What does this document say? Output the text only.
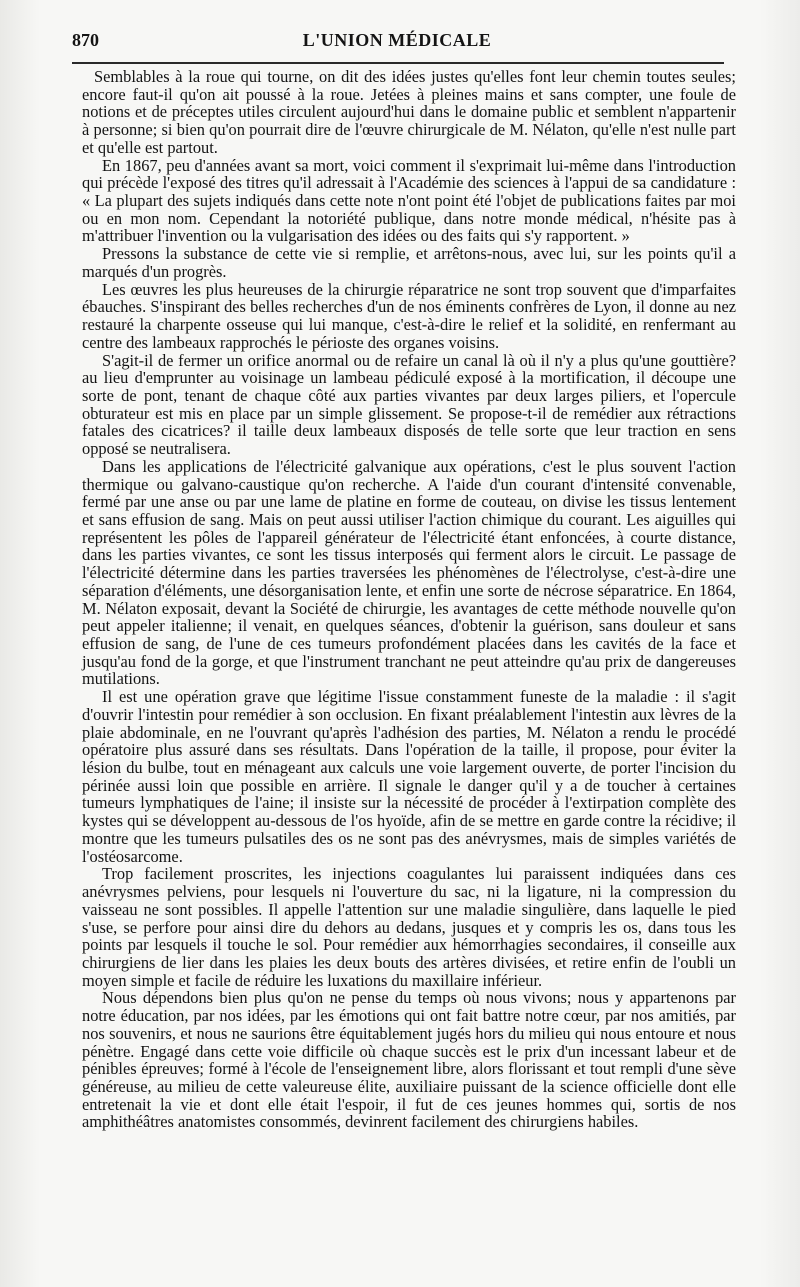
870	L'UNION MÉDICALE

Semblables à la roue qui tourne, on dit des idées justes qu'elles font leur chemin toutes seules; encore faut-il qu'on ait poussé à la roue. Jetées à pleines mains et sans compter, une foule de notions et de préceptes utiles circulent aujourd'hui dans le domaine public et semblent n'appartenir à personne; si bien qu'on pourrait dire de l'œuvre chirurgicale de M. Nélaton, qu'elle n'est nulle part et qu'elle est partout.

En 1867, peu d'années avant sa mort, voici comment il s'exprimait lui-même dans l'introduction qui précède l'exposé des titres qu'il adressait à l'Académie des sciences à l'appui de sa candidature : « La plupart des sujets indiqués dans cette note n'ont point été l'objet de publications faites par moi ou en mon nom. Cependant la notoriété publique, dans notre monde médical, n'hésite pas à m'attribuer l'invention ou la vulgarisation des idées ou des faits qui s'y rapportent. »

Pressons la substance de cette vie si remplie, et arrêtons-nous, avec lui, sur les points qu'il a marqués d'un progrès.

Les œuvres les plus heureuses de la chirurgie réparatrice ne sont trop souvent que d'imparfaites ébauches. S'inspirant des belles recherches d'un de nos éminents confrères de Lyon, il donne au nez restauré la charpente osseuse qui lui manque, c'est-à-dire le relief et la solidité, en renfermant au centre des lambeaux rapprochés le périoste des organes voisins.

S'agit-il de fermer un orifice anormal ou de refaire un canal là où il n'y a plus qu'une gouttière? au lieu d'emprunter au voisinage un lambeau pédiculé exposé à la mortification, il découpe une sorte de pont, tenant de chaque côté aux parties vivantes par deux larges piliers, et l'opercule obturateur est mis en place par un simple glissement. Se propose-t-il de remédier aux rétractions fatales des cicatrices? il taille deux lambeaux disposés de telle sorte que leur traction en sens opposé se neutralisera.

Dans les applications de l'électricité galvanique aux opérations, c'est le plus souvent l'action thermique ou galvano-caustique qu'on recherche. A l'aide d'un courant d'intensité convenable, fermé par une anse ou par une lame de platine en forme de couteau, on divise les tissus lentement et sans effusion de sang. Mais on peut aussi utiliser l'action chimique du courant. Les aiguilles qui représentent les pôles de l'appareil générateur de l'électricité étant enfoncées, à courte distance, dans les parties vivantes, ce sont les tissus interposés qui ferment alors le circuit. Le passage de l'électricité détermine dans les parties traversées les phénomènes de l'électrolyse, c'est-à-dire une séparation d'éléments, une désorganisation lente, et enfin une sorte de nécrose séparatrice. En 1864, M. Nélaton exposait, devant la Société de chirurgie, les avantages de cette méthode nouvelle qu'on peut appeler italienne; il venait, en quelques séances, d'obtenir la guérison, sans douleur et sans effusion de sang, de l'une de ces tumeurs profondément placées dans les cavités de la face et jusqu'au fond de la gorge, et que l'instrument tranchant ne peut atteindre qu'au prix de dangereuses mutilations.

Il est une opération grave que légitime l'issue constamment funeste de la maladie : il s'agit d'ouvrir l'intestin pour remédier à son occlusion. En fixant préalablement l'intestin aux lèvres de la plaie abdominale, en ne l'ouvrant qu'après l'adhésion des parties, M. Nélaton a rendu le procédé opératoire plus assuré dans ses résultats. Dans l'opération de la taille, il propose, pour éviter la lésion du bulbe, tout en ménageant aux calculs une voie largement ouverte, de porter l'incision du périnée aussi loin que possible en arrière. Il signale le danger qu'il y a de toucher à certaines tumeurs lymphatiques de l'aine; il insiste sur la nécessité de procéder à l'extirpation complète des kystes qui se développent au-dessous de l'os hyoïde, afin de se mettre en garde contre la récidive; il montre que les tumeurs pulsatiles des os ne sont pas des anévrysmes, mais de simples variétés de l'ostéosarcome.

Trop facilement proscrites, les injections coagulantes lui paraissent indiquées dans ces anévrysmes pelviens, pour lesquels ni l'ouverture du sac, ni la ligature, ni la compression du vaisseau ne sont possibles. Il appelle l'attention sur une maladie singulière, dans laquelle le pied s'use, se perfore pour ainsi dire du dehors au dedans, jusques et y compris les os, dans tous les points par lesquels il touche le sol. Pour remédier aux hémorrhagies secondaires, il conseille aux chirurgiens de lier dans les plaies les deux bouts des artères divisées, et retire enfin de l'oubli un moyen simple et facile de réduire les luxations du maxillaire inférieur.

Nous dépendons bien plus qu'on ne pense du temps où nous vivons; nous y appartenons par notre éducation, par nos idées, par les émotions qui ont fait battre notre cœur, par nos amitiés, par nos souvenirs, et nous ne saurions être équitablement jugés hors du milieu qui nous entoure et nous pénètre. Engagé dans cette voie difficile où chaque succès est le prix d'un incessant labeur et de pénibles épreuves; formé à l'école de l'enseignement libre, alors florissant et tout rempli d'une sève généreuse, au milieu de cette valeureuse élite, auxiliaire puissant de la science officielle dont elle entretenait la vie et dont elle était l'espoir, il fut de ces jeunes hommes qui, sortis de nos amphithéâtres anatomistes consommés, devinrent facilement des chirurgiens habiles.
